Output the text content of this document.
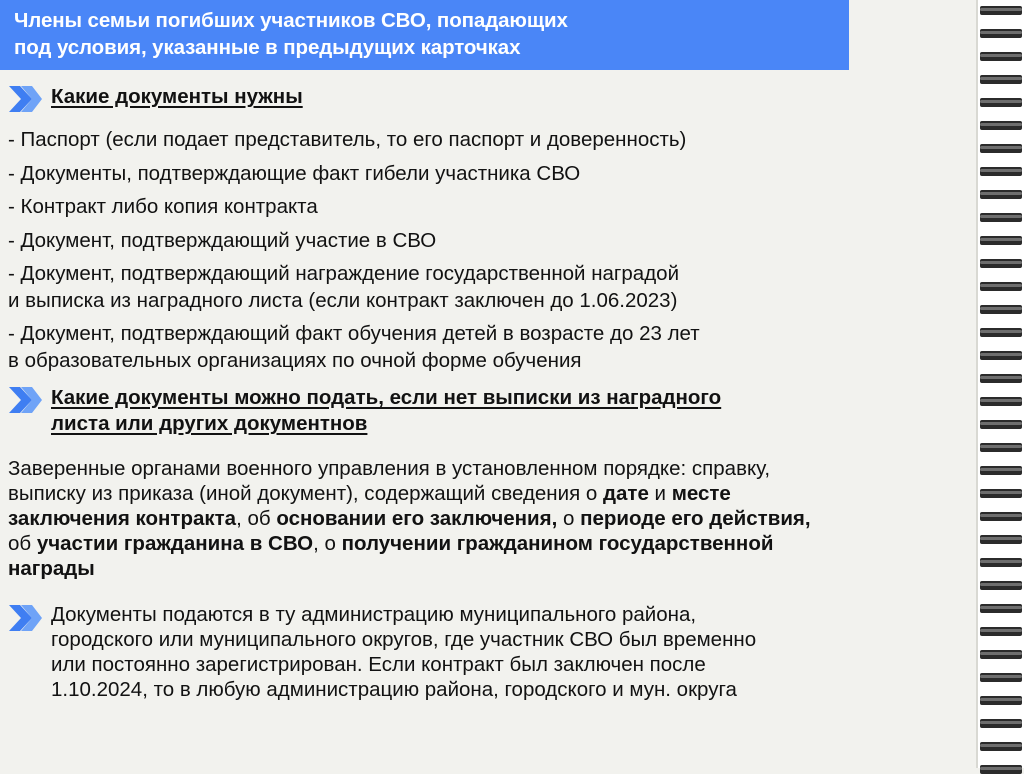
Члены семьи погибших участников СВО, попадающих
под условия, указанные в предыдущих карточках
Какие документы нужны
- Паспорт (если подает представитель, то его паспорт и доверенность)
- Документы, подтверждающие факт гибели участника СВО
- Контракт либо копия контракта
- Документ, подтверждающий участие в СВО
- Документ, подтверждающий награждение государственной наградой
и выписка из наградного листа (если контракт заключен до 1.06.2023)
- Документ, подтверждающий факт обучения детей в возрасте до 23 лет
в образовательных организациях по очной форме обучения
Какие документы можно подать, если нет выписки из наградного
листа или других документнов
Заверенные органами военного управления в установленном порядке: справку,
выписку из приказа (иной документ), содержащий сведения о дате и месте
заключения контракта, об основании его заключения, о периоде его действия,
об участии гражданина в СВО, о получении гражданином государственной
награды
Документы подаются в ту администрацию муниципального района,
городского или муниципального округов, где участник СВО был временно
или постоянно зарегистрирован. Если контракт был заключен после
1.10.2024, то в любую администрацию района, городского и мун. округа
